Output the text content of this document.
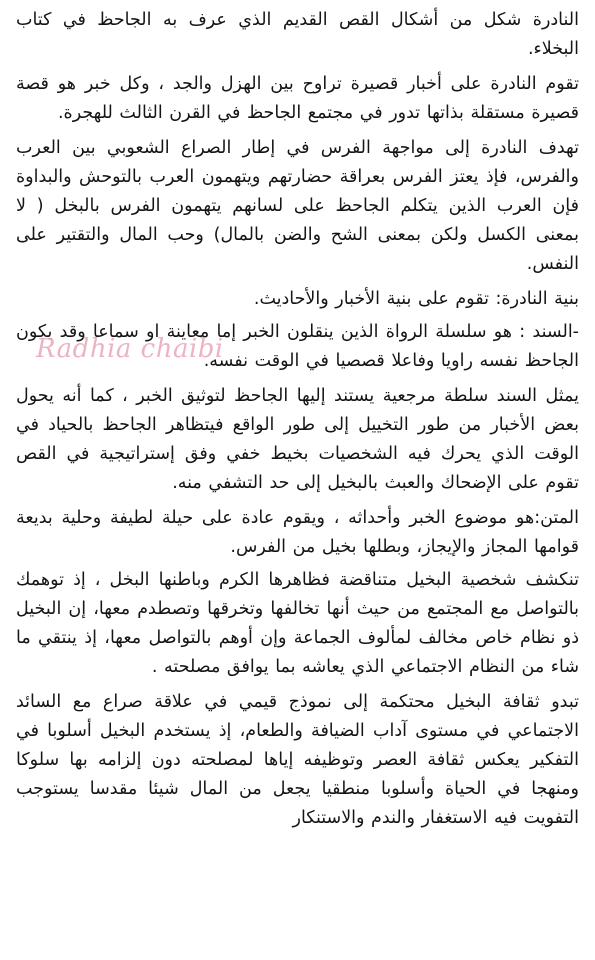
النادرة شكل من أشكال القص القديم الذي عرف به الجاحظ في كتاب البخلاء.

تقوم النادرة على أخبار قصيرة تراوح بين الهزل والجد ، وكل خبر هو قصة قصيرة مستقلة بذاتها تدور في مجتمع الجاحظ في القرن الثالث للهجرة.

تهدف النادرة إلى مواجهة الفرس في إطار الصراع الشعوبي بين العرب والفرس، فإذ يعتز الفرس بعراقة حضارتهم ويتهمون العرب بالتوحش والبداوة فإن العرب الذين يتكلم الجاحظ على لسانهم يتهمون الفرس بالبخل ( لا بمعنى الكسل ولكن بمعنى الشح والضن بالمال) وحب المال والتقتير على النفس.

بنية النادرة: تقوم على بنية الأخبار والأحاديث.

-السند : هو سلسلة الرواة الذين ينقلون الخبر إما معاينة او سماعا وقد يكون الجاحظ نفسه راويا وفاعلا قصصيا في الوقت نفسه.

يمثل السند سلطة مرجعية يستند إليها الجاحظ لتوثيق الخبر ، كما أنه يحول بعض الأخبار من طور التخييل إلى طور الواقع فيتظاهر الجاحظ بالحياد في الوقت الذي يحرك فيه الشخصيات بخيط خفي وفق إستراتيجية في القص تقوم على الإضحاك والعبث بالبخيل إلى حد التشفي منه.

المتن:هو موضوع الخبر وأحداثه ، ويقوم عادة على حيلة لطيفة وحلية بديعة قوامها المجاز والإيجاز، وبطلها بخيل من الفرس.

تنكشف شخصية البخيل متناقضة فظاهرها الكرم وباطنها البخل ، إذ توهمك بالتواصل مع المجتمع من حيث أنها تخالفها وتخرقها وتصطدم معها، إن البخيل ذو نظام خاص مخالف لمألوف الجماعة وإن أوهم بالتواصل معها، إذ ينتقي ما شاء من النظام الاجتماعي الذي يعاشه بما يوافق مصلحته .

تبدو ثقافة البخيل محتكمة إلى نموذج قيمي في علاقة صراع مع السائد الاجتماعي في مستوى آداب الضيافة والطعام، إذ يستخدم البخيل أسلوبا في التفكير يعكس ثقافة العصر وتوظيفه إياها لمصلحته دون إلزامه بها سلوكا ومنهجا في الحياة وأسلوبا منطقيا يجعل من المال شيئا مقدسا يستوجب التفويت فيه الاستغفار والندم والاستنكار

Radhia chaibi
